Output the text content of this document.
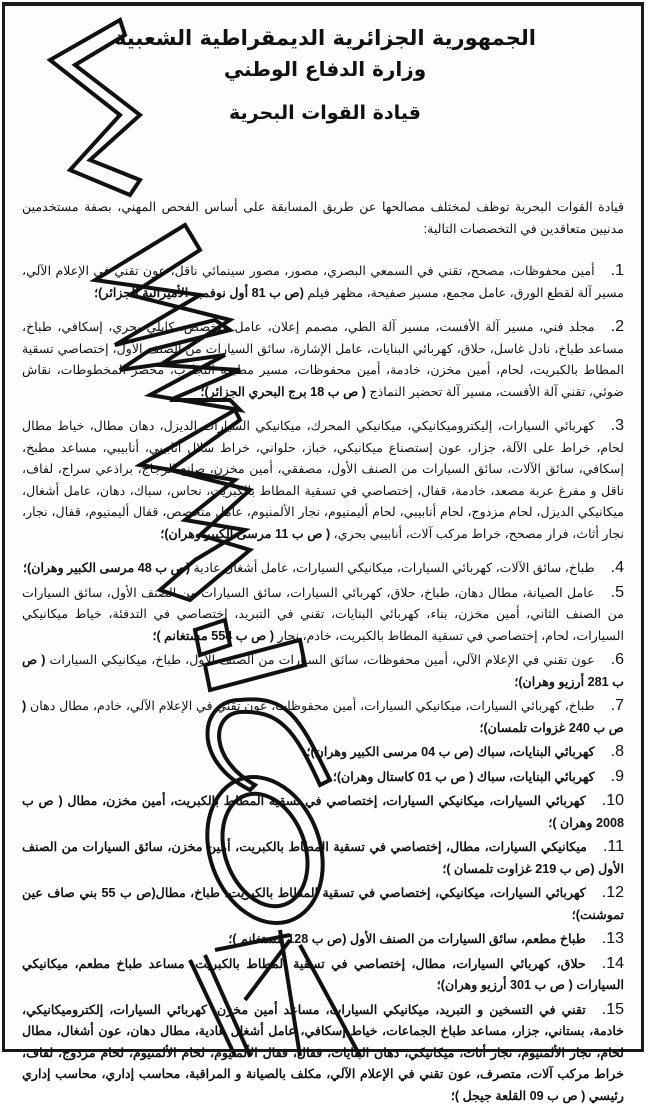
الجمهورية الجزائرية الديمقراطية الشعبية
وزارة الدفاع الوطني
قيادة القوات البحرية

قيادة القوات البحرية توظف لمختلف مصالحها عن طريق المسابقة على أساس الفحص المهني، بصفة مستخدمين مدنيين متعاقدين في التخصصات التالية:

1.أمين محفوظات، مصحح، تقني في السمعي البصري، مصور، مصور سينمائي ناقل، عون تقني في الإعلام الآلي، مسير آلة لقطع الورق، عامل مجمع، مسير صفيحة، مظهر فيلم (ص ب 81 أول نوفمبر الأميرالية الجزائر)؛
2.مجلد فني، مسير آلة الأفست، مسير آلة الطي، مصمم إعلان، عامل متخصص، كابلي بحري، إسكافي، طباخ، مساعد طباخ، نادل غاسل، حلاق، كهربائي البنايات، عامل الإشارة، سائق السيارات من الصنف الأول، إختصاصي تسقية المطاط بالكبريت، لحام، أمين مخزن، خادمة، أمين محفوظات، مسير مطبعة التجارب، محضر المخطوطات، نقاش ضوئي، تقني آلة الأفست، مسير آلة تحضير النماذج ( ص ب 18 برج البحري الجزائر)؛
3.كهربائي السيارات، إليكتروميكانيكي، ميكانيكي المحرك، ميكانيكي السيارات الديزل، دهان مطال، خياط مطال لحام، خراط على الآلة، جزار، عون إستصناع ميكانيكي، خباز، حلواني، خراط سلال أنابيبي، أنابيبي، مساعد مطبخ، إسكافي، سائق الآلات، سائق السيارات من الصنف الأول، مصفقي، أمين مخزن، صانع الزجاج، براذعي سراج، لفاف، ناقل و مفرغ عربة مصعد، خادمة، قفال، إختصاصي في تسقية المطاط بالكبريت، نحاس، سباك، دهان، عامل أشغال، ميكانيكي الديزل، لحام مزدوج، لحام أنابيبي، لحام أليمنيوم، نجار الألمنيوم، عامل متخصص، قفال أليمنيوم، قفال، نجار، نجار أثاث، فرار مصحح، خراط مركب آلات، أنابيبي بحري، ( ص ب 11 مرسى الكبير وهران)؛
4.طباخ، سائق الآلات، كهربائي السيارات، ميكانيكي السيارات، عامل أشغال عادية (ص ب 48 مرسى الكبير وهران)؛
5.عامل الصيانة، مطال دهان، طباخ، حلاق، كهربائي السيارات، سائق السيارات من الصنف الأول، سائق السيارات من الصنف الثاني، أمين مخزن، بناء، كهربائي البنايات، تقني في التبريد، إختصاصي في التدفئة، خياط ميكانيكي السيارات، لحام، إختصاصي في تسقية المطاط بالكبريت، خادم، نجار ( ص ب 554 مستغانم )؛
6.عون تقني في الإعلام الآلي، أمين محفوظات، سائق السيارات من الصنف الأول، طباخ، ميكانيكي السيارات ( ص ب 281 أرزيو وهران)؛
7.طباخ، كهربائي السيارات، ميكانيكي السيارات، أمين محفوظات، عون تقني في الإعلام الآلي، خادم، مطال دهان ( ص ب 240 غزوات تلمسان)؛
8.كهربائي البنايات، سباك (ص ب 04 مرسى الكبير وهران)؛
9.كهربائي البنايات، سباك ( ص ب 01 كاستال وهران)؛
10.كهربائي السيارات، ميكانيكي السيارات، إختصاصي في تسقية المطاط بالكبريت، أمين مخزن، مطال ( ص ب 2008 وهران )؛
11.ميكانيكي السيارات، مطال، إختصاصي في تسقية المطاط بالكبريت، أمين مخزن، سائق السيارات من الصنف الأول (ص ب 219 غزاوت تلمسان )؛
12.كهربائي السيارات، ميكانيكي، إختصاصي في تسقية المطاط بالكبريت، طباخ، مطال(ص ب 55 بني صاف عين تموشنت)؛
13.طباخ مطعم، سائق السيارات من الصنف الأول (ص ب 128 مستغانم )؛
14.حلاق، كهربائي السيارات، مطال، إختصاصي في تسقية المطاط بالكبريت، مساعد طباخ مطعم، ميكانيكي السيارات ( ص ب 301 أرزيو وهران)؛
15.تقني في التسخين و التبريد، ميكانيكي السيارات، مساعد أمين مخزن، كهربائي السيارات، إلكتروميكانيكي، خادمة، بستاني، جزار، مساعد طباخ الجماعات، خياط إسكافي، عامل أشغال عادية، مطال دهان، عون أشغال، مطال لحام، نجار الألمنيوم، نجار أثاث، ميكانيكي، دهان البنايات، قفال، قفال الألمنيوم، لحام الألمنيوم، لحام مزدوج، لفاف، خراط مركب آلات، متصرف، عون تقني في الإعلام الآلي، مكلف بالصيانة و المراقبة، محاسب إداري، محاسب إداري رئيسي ( ص ب 09 القلعة جيجل )؛
